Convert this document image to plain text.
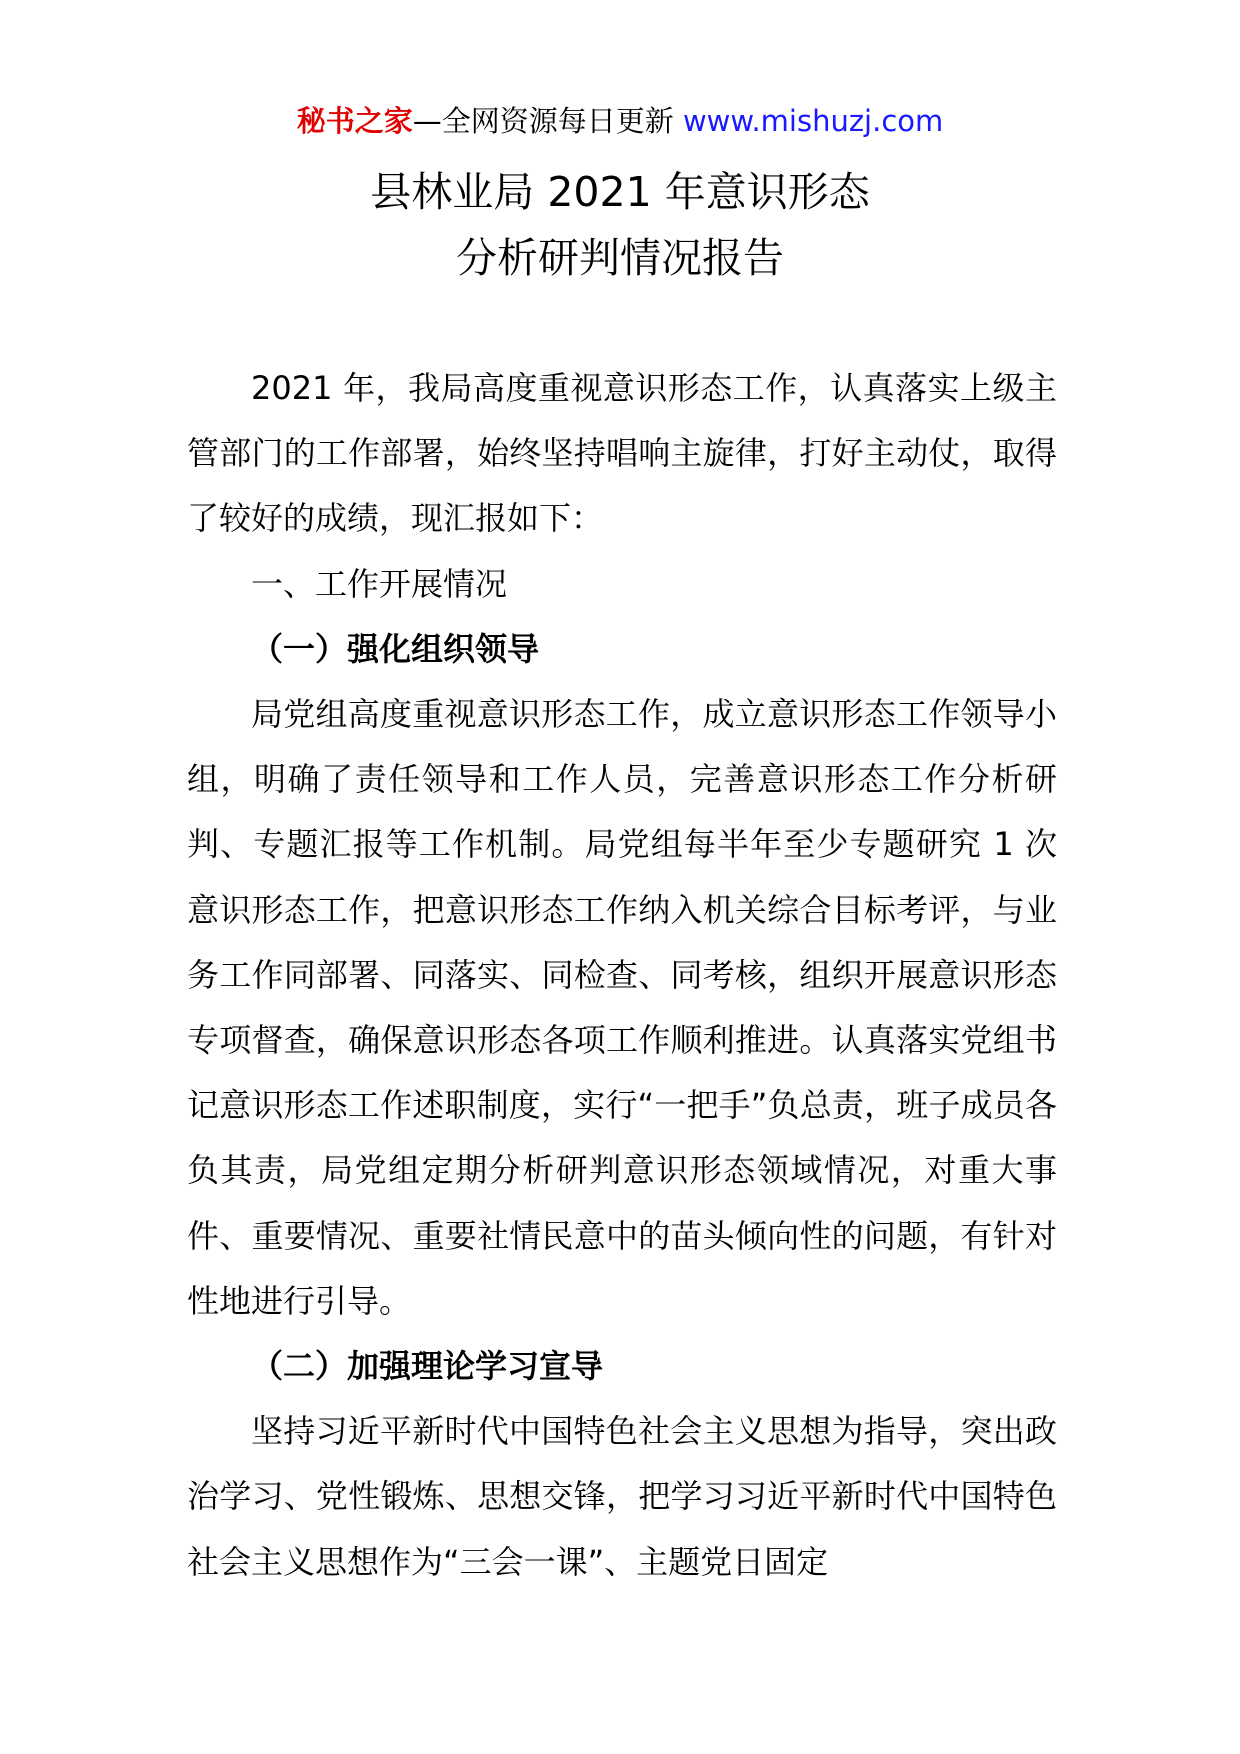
秘书之家—全网资源每日更新 www.mishuzj.com
县林业局 2021 年意识形态
分析研判情况报告

2021 年，我局高度重视意识形态工作，认真落实上级主管部门的工作部署，始终坚持唱响主旋律，打好主动仗，取得了较好的成绩，现汇报如下：

一、工作开展情况

（一）强化组织领导

局党组高度重视意识形态工作，成立意识形态工作领导小组，明确了责任领导和工作人员，完善意识形态工作分析研判、专题汇报等工作机制。局党组每半年至少专题研究 1 次意识形态工作，把意识形态工作纳入机关综合目标考评，与业务工作同部署、同落实、同检查、同考核，组织开展意识形态专项督查，确保意识形态各项工作顺利推进。认真落实党组书记意识形态工作述职制度，实行“一把手”负总责，班子成员各负其责，局党组定期分析研判意识形态领域情况，对重大事件、重要情况、重要社情民意中的苗头倾向性的问题，有针对性地进行引导。

（二）加强理论学习宣导

坚持习近平新时代中国特色社会主义思想为指导，突出政治学习、党性锻炼、思想交锋，把学习习近平新时代中国特色社会主义思想作为“三会一课”、主题党日固定
